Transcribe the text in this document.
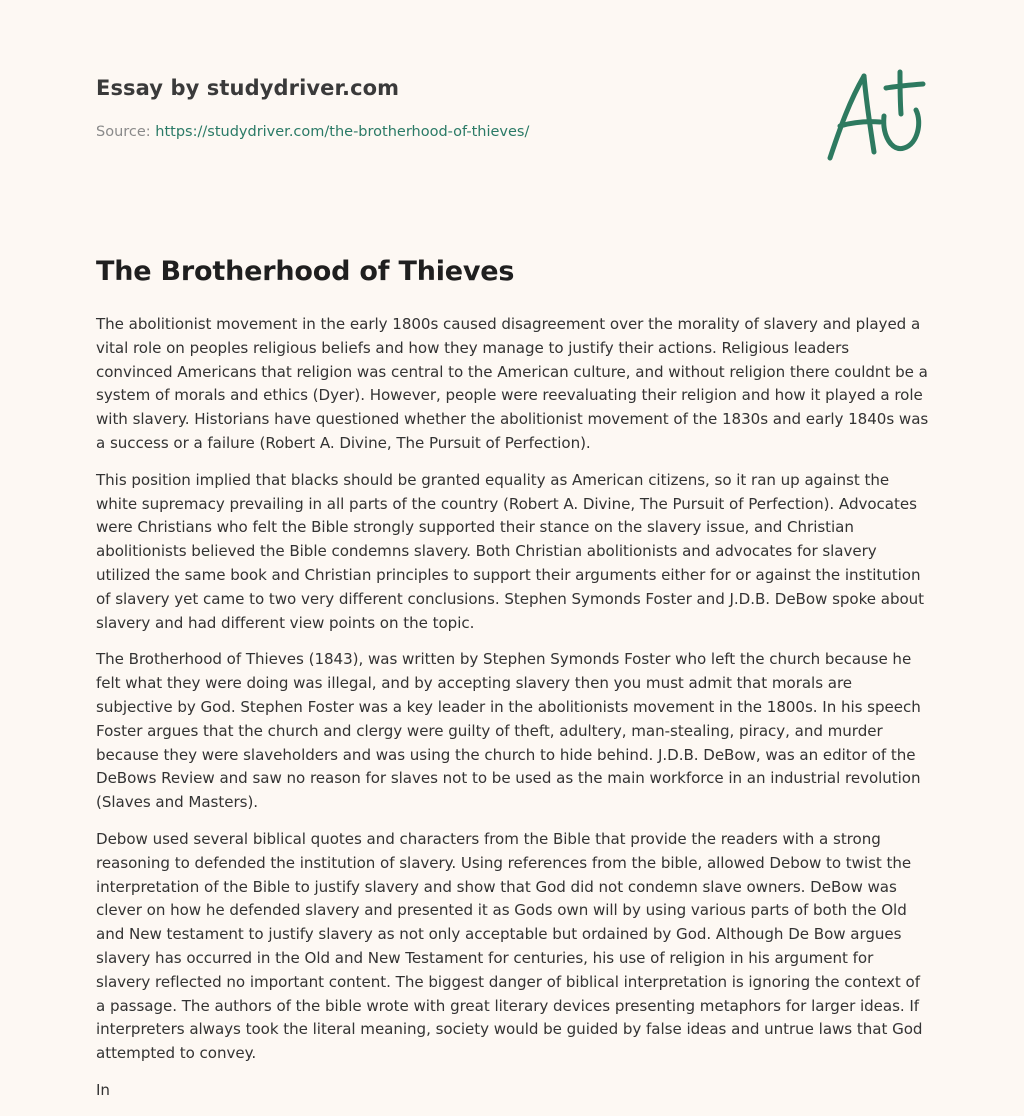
Essay by studydriver.com
Source: https://studydriver.com/the-brotherhood-of-thieves/
The Brotherhood of Thieves

The abolitionist movement in the early 1800s caused disagreement over the morality of slavery and played a vital role on peoples religious beliefs and how they manage to justify their actions. Religious leaders convinced Americans that religion was central to the American culture, and without religion there couldnt be a system of morals and ethics (Dyer). However, people were reevaluating their religion and how it played a role with slavery. Historians have questioned whether the abolitionist movement of the 1830s and early 1840s was a success or a failure (Robert A. Divine, The Pursuit of Perfection).

This position implied that blacks should be granted equality as American citizens, so it ran up against the white supremacy prevailing in all parts of the country (Robert A. Divine, The Pursuit of Perfection). Advocates were Christians who felt the Bible strongly supported their stance on the slavery issue, and Christian abolitionists believed the Bible condemns slavery. Both Christian abolitionists and advocates for slavery utilized the same book and Christian principles to support their arguments either for or against the institution of slavery yet came to two very different conclusions. Stephen Symonds Foster and J.D.B. DeBow spoke about slavery and had different view points on the topic.

The Brotherhood of Thieves (1843), was written by Stephen Symonds Foster who left the church because he felt what they were doing was illegal, and by accepting slavery then you must admit that morals are subjective by God. Stephen Foster was a key leader in the abolitionists movement in the 1800s. In his speech Foster argues that the church and clergy were guilty of theft, adultery, man-stealing, piracy, and murder because they were slaveholders and was using the church to hide behind. J.D.B. DeBow, was an editor of the DeBows Review and saw no reason for slaves not to be used as the main workforce in an industrial revolution (Slaves and Masters).

Debow used several biblical quotes and characters from the Bible that provide the readers with a strong reasoning to defended the institution of slavery. Using references from the bible, allowed Debow to twist the interpretation of the Bible to justify slavery and show that God did not condemn slave owners. DeBow was clever on how he defended slavery and presented it as Gods own will by using various parts of both the Old and New testament to justify slavery as not only acceptable but ordained by God. Although De Bow argues slavery has occurred in the Old and New Testament for centuries, his use of religion in his argument for slavery reflected no important content. The biggest danger of biblical interpretation is ignoring the context of a passage. The authors of the bible wrote with great literary devices presenting metaphors for larger ideas. If interpreters always took the literal meaning, society would be guided by false ideas and untrue laws that God attempted to convey.

In
